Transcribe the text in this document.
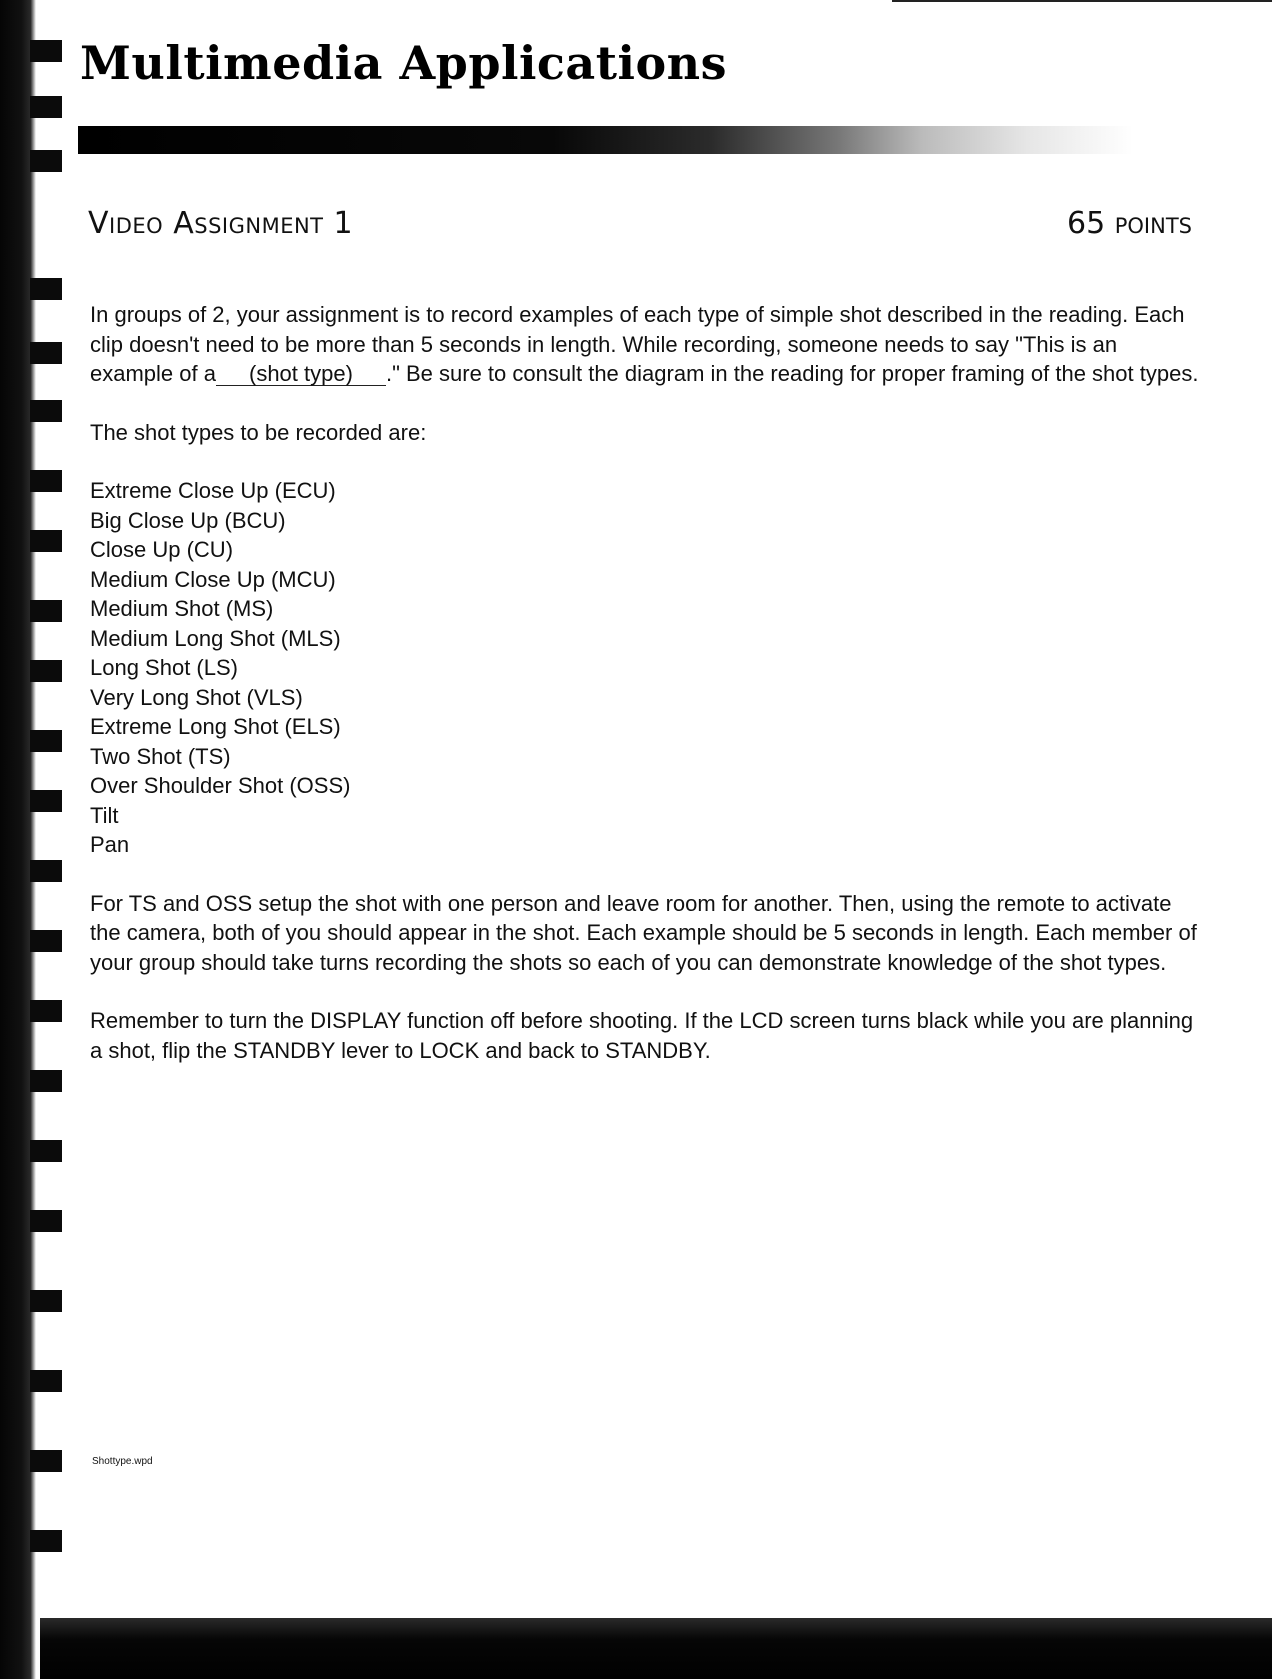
Multimedia Applications
Video Assignment 1	65 points

In groups of 2, your assignment is to record examples of each type of simple shot described in the reading. Each clip doesn't need to be more than 5 seconds in length. While recording, someone needs to say "This is an example of a (shot type) ." Be sure to consult the diagram in the reading for proper framing of the shot types.

The shot types to be recorded are:

Extreme Close Up (ECU)
Big Close Up (BCU)
Close Up (CU)
Medium Close Up (MCU)
Medium Shot (MS)
Medium Long Shot (MLS)
Long Shot (LS)
Very Long Shot (VLS)
Extreme Long Shot (ELS)
Two Shot (TS)
Over Shoulder Shot (OSS)
Tilt
Pan

For TS and OSS setup the shot with one person and leave room for another. Then, using the remote to activate the camera, both of you should appear in the shot. Each example should be 5 seconds in length. Each member of your group should take turns recording the shots so each of you can demonstrate knowledge of the shot types.

Remember to turn the DISPLAY function off before shooting. If the LCD screen turns black while you are planning a shot, flip the STANDBY lever to LOCK and back to STANDBY.

Shottype.wpd
